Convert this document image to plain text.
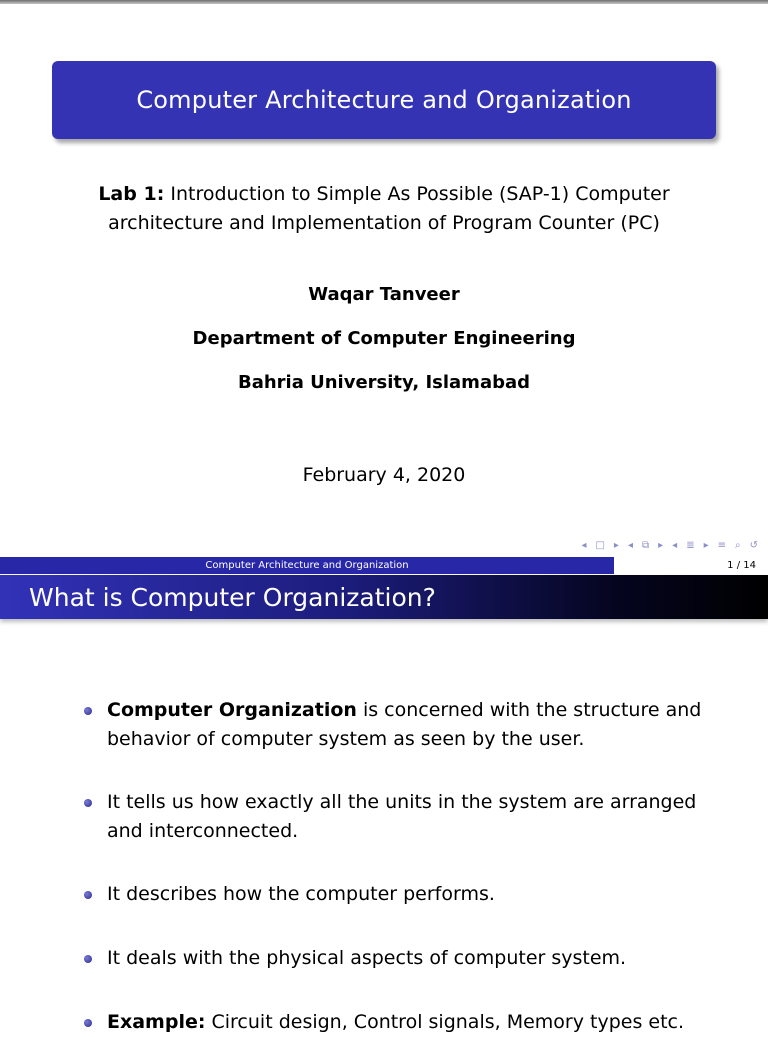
Computer Architecture and Organization
Lab 1: Introduction to Simple As Possible (SAP-1) Computer
architecture and Implementation of Program Counter (PC)
Waqar Tanveer
Department of Computer Engineering
Bahria University, Islamabad
February 4, 2020
◂ □ ▸ ◂ ⧉ ▸ ◂ ≣ ▸ ≡ ⌕ ↺
Computer Architecture and Organization	1 / 14
What is Computer Organization?
Computer Organization is concerned with the structure and behavior of computer system as seen by the user.
It tells us how exactly all the units in the system are arranged and interconnected.
It describes how the computer performs.
It deals with the physical aspects of computer system.
Example: Circuit design, Control signals, Memory types etc.
